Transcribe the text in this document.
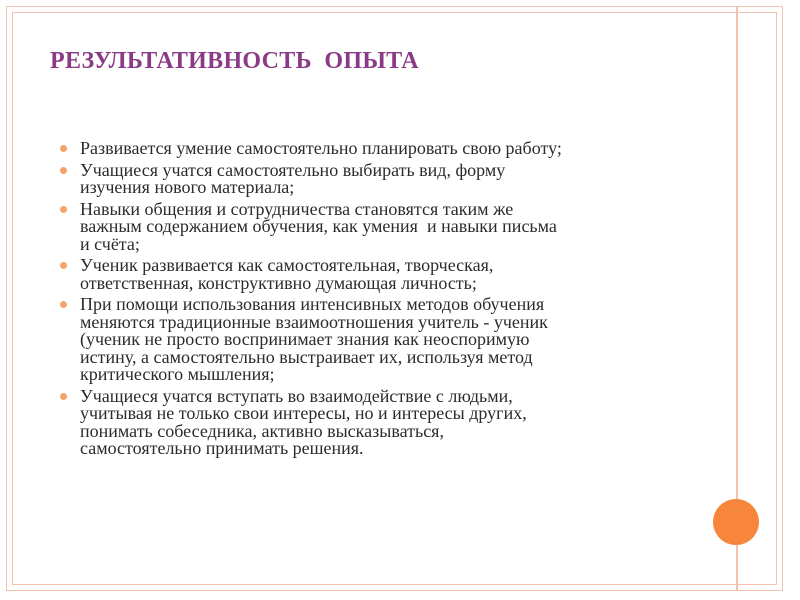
РЕЗУЛЬТАТИВНОСТЬ  ОПЫТА
Развивается умение самостоятельно планировать свою работу;
Учащиеся учатся самостоятельно выбирать вид, форму
изучения нового материала;
Навыки общения и сотрудничества становятся таким же
важным содержанием обучения, как умения  и навыки письма
и счёта;
Ученик развивается как самостоятельная, творческая,
ответственная, конструктивно думающая личность;
При помощи использования интенсивных методов обучения
меняются традиционные взаимоотношения учитель - ученик
(ученик не просто воспринимает знания как неоспоримую
истину, а самостоятельно выстраивает их, используя метод
критического мышления;
Учащиеся учатся вступать во взаимодействие с людьми,
учитывая не только свои интересы, но и интересы других,
понимать собеседника, активно высказываться,
самостоятельно принимать решения.
